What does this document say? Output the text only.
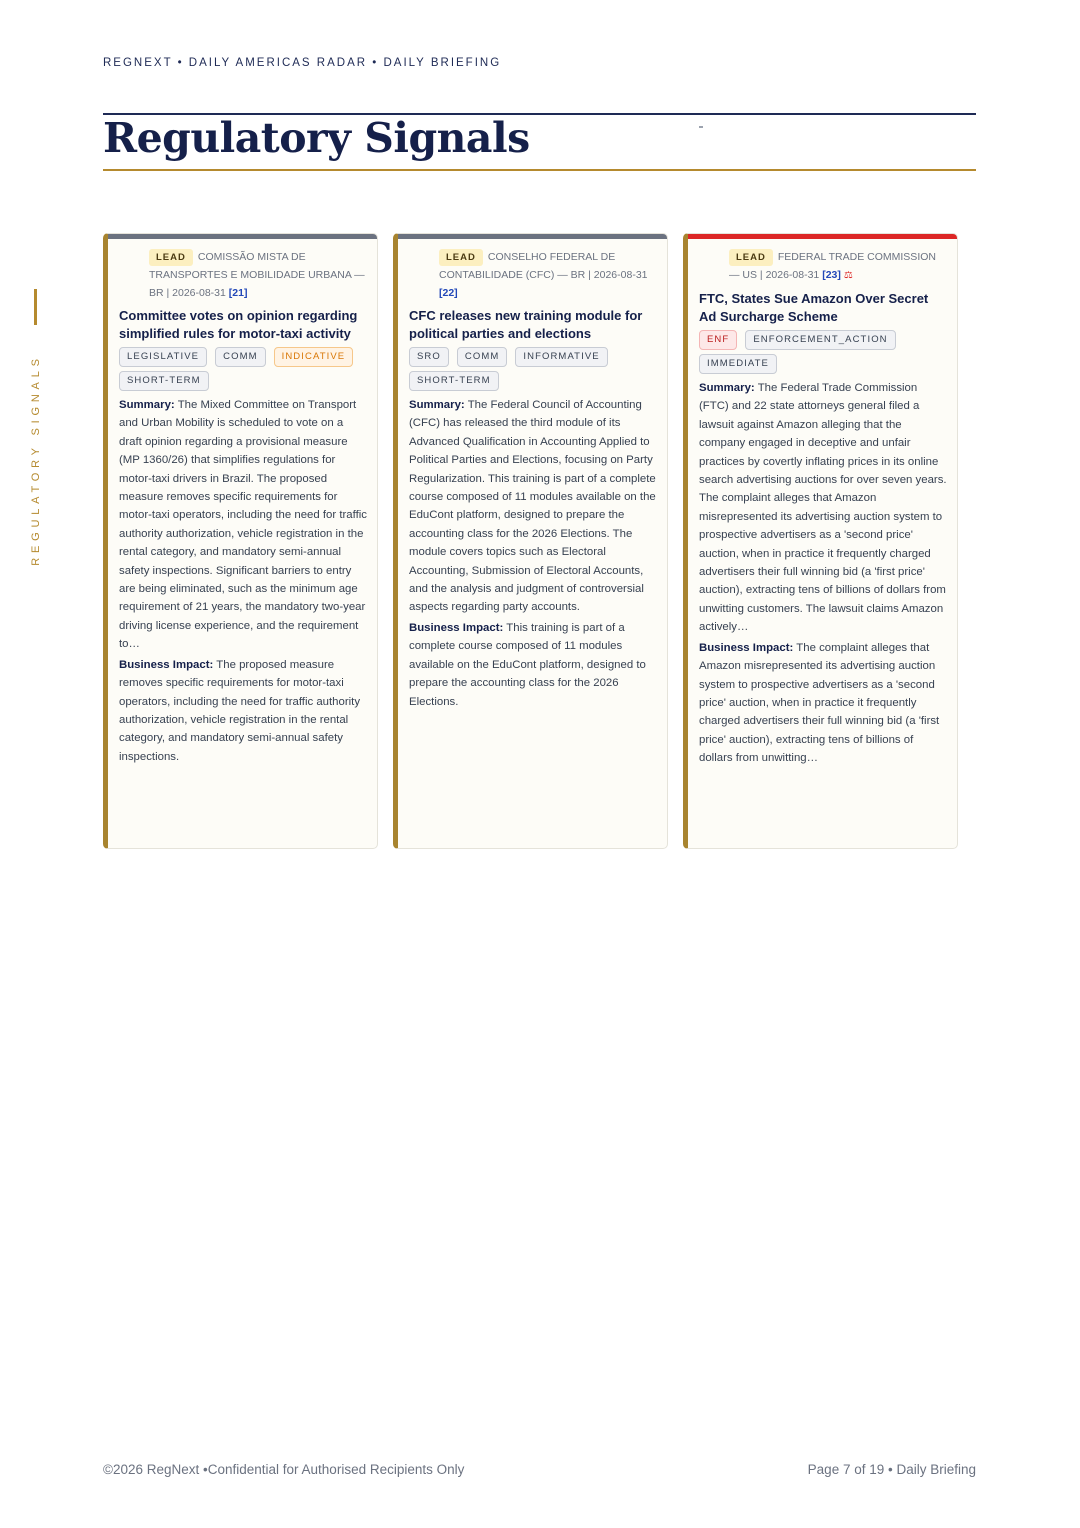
REGNEXT • DAILY AMERICAS RADAR • DAILY BRIEFING
Regulatory Signals
REGULATORY SIGNALS
LEAD COMISSÃO MISTA DE TRANSPORTES E MOBILIDADE URBANA — BR | 2026-08-31 [21]
Committee votes on opinion regarding simplified rules for motor-taxi activity
LEGISLATIVE	COMM	INDICATIVE
SHORT-TERM

Summary: The Mixed Committee on Transport and Urban Mobility is scheduled to vote on a draft opinion regarding a provisional measure (MP 1360/26) that simplifies regulations for motor-taxi drivers in Brazil. The proposed measure removes specific requirements for motor-taxi operators, including the need for traffic authority authorization, vehicle registration in the rental category, and mandatory semi-annual safety inspections. Significant barriers to entry are being eliminated, such as the minimum age requirement of 21 years, the mandatory two-year driving license experience, and the requirement to…

Business Impact: The proposed measure removes specific requirements for motor-taxi operators, including the need for traffic authority authorization, vehicle registration in the rental category, and mandatory semi-annual safety inspections.

LEAD CONSELHO FEDERAL DE CONTABILIDADE (CFC) — BR | 2026-08-31 [22]
CFC releases new training module for political parties and elections
SRO	COMM	INFORMATIVE
SHORT-TERM

Summary: The Federal Council of Accounting (CFC) has released the third module of its Advanced Qualification in Accounting Applied to Political Parties and Elections, focusing on Party Regularization. This training is part of a complete course composed of 11 modules available on the EduCont platform, designed to prepare the accounting class for the 2026 Elections. The module covers topics such as Electoral Accounting, Submission of Electoral Accounts, and the analysis and judgment of controversial aspects regarding party accounts.

Business Impact: This training is part of a complete course composed of 11 modules available on the EduCont platform, designed to prepare the accounting class for the 2026 Elections.

LEAD FEDERAL TRADE COMMISSION — US | 2026-08-31 [23] ⚖
FTC, States Sue Amazon Over Secret Ad Surcharge Scheme
ENF	ENFORCEMENT_ACTION
IMMEDIATE

Summary: The Federal Trade Commission (FTC) and 22 state attorneys general filed a lawsuit against Amazon alleging that the company engaged in deceptive and unfair practices by covertly inflating prices in its online search advertising auctions for over seven years. The complaint alleges that Amazon misrepresented its advertising auction system to prospective advertisers as a 'second price' auction, when in practice it frequently charged advertisers their full winning bid (a 'first price' auction), extracting tens of billions of dollars from unwitting customers. The lawsuit claims Amazon actively…

Business Impact: The complaint alleges that Amazon misrepresented its advertising auction system to prospective advertisers as a 'second price' auction, when in practice it frequently charged advertisers their full winning bid (a 'first price' auction), extracting tens of billions of dollars from unwitting…

©2026 RegNext •Confidential for Authorised Recipients Only	Page 7 of 19 • Daily Briefing
